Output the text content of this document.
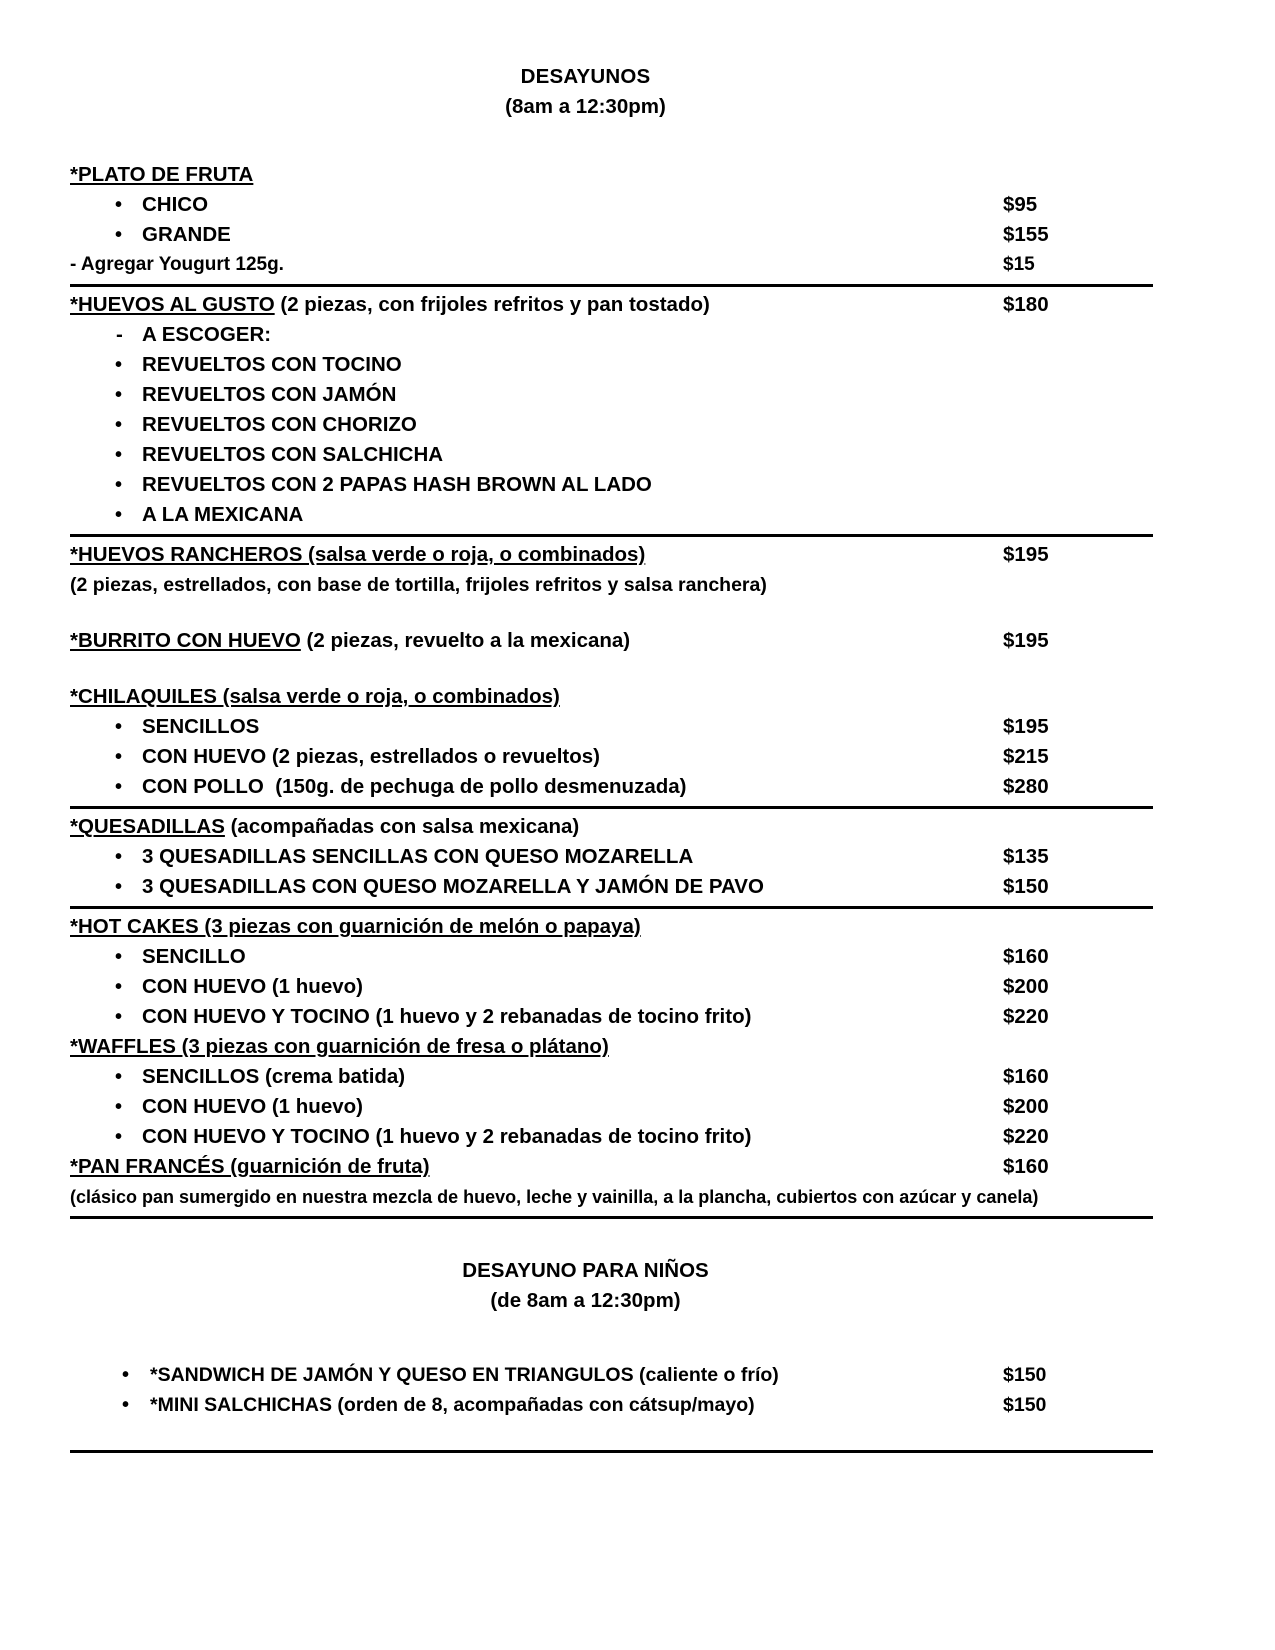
DESAYUNOS
(8am a 12:30pm)
*PLATO DE FRUTA
• CHICO	$95
• GRANDE	$155
- Agregar Yougurt 125g.	$15
*HUEVOS AL GUSTO (2 piezas, con frijoles refritos y pan tostado)	$180
- A ESCOGER:
• REVUELTOS CON TOCINO
• REVUELTOS CON JAMÓN
• REVUELTOS CON CHORIZO
• REVUELTOS CON SALCHICHA
• REVUELTOS CON 2 PAPAS HASH BROWN AL LADO
• A LA MEXICANA
*HUEVOS RANCHEROS (salsa verde o roja, o combinados)	$195
(2 piezas, estrellados, con base de tortilla, frijoles refritos y salsa ranchera)
*BURRITO CON HUEVO (2 piezas, revuelto a la mexicana)	$195
*CHILAQUILES (salsa verde o roja, o combinados)
• SENCILLOS	$195
• CON HUEVO (2 piezas, estrellados o revueltos)	$215
• CON POLLO  (150g. de pechuga de pollo desmenuzada)	$280
*QUESADILLAS (acompañadas con salsa mexicana)
• 3 QUESADILLAS SENCILLAS CON QUESO MOZARELLA	$135
• 3 QUESADILLAS CON QUESO MOZARELLA Y JAMÓN DE PAVO	$150
*HOT CAKES (3 piezas con guarnición de melón o papaya)
• SENCILLO	$160
• CON HUEVO (1 huevo)	$200
• CON HUEVO Y TOCINO (1 huevo y 2 rebanadas de tocino frito)	$220
*WAFFLES (3 piezas con guarnición de fresa o plátano)
• SENCILLOS (crema batida)	$160
• CON HUEVO (1 huevo)	$200
• CON HUEVO Y TOCINO (1 huevo y 2 rebanadas de tocino frito)	$220
*PAN FRANCÉS (guarnición de fruta)	$160
(clásico pan sumergido en nuestra mezcla de huevo, leche y vainilla, a la plancha, cubiertos con azúcar y canela)
DESAYUNO PARA NIÑOS
(de 8am a 12:30pm)
• *SANDWICH DE JAMÓN Y QUESO EN TRIANGULOS (caliente o frío)	$150
• *MINI SALCHICHAS (orden de 8, acompañadas con cátsup/mayo)	$150
